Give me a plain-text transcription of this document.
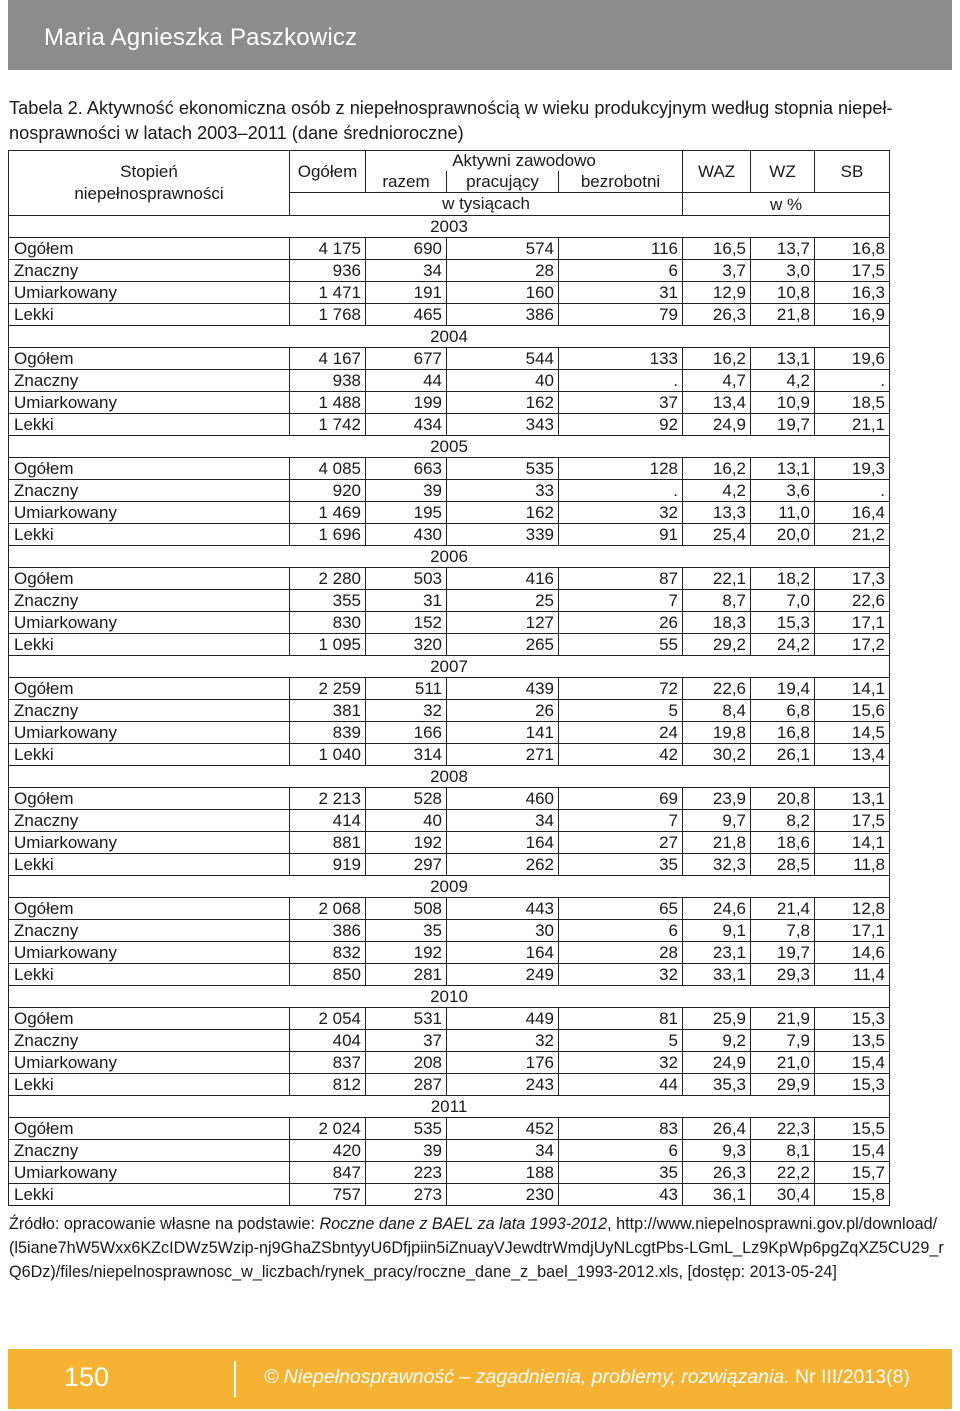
Maria Agnieszka Paszkowicz
Tabela 2. Aktywność ekonomiczna osób z niepełnosprawnością w wieku produkcyjnym według stopnia niepeł-
nosprawności w latach 2003–2011 (dane średnioroczne)
Stopień
niepełnosprawności	Ogółem	Aktywni zawodowo			WAZ	WZ	SB
		razem	pracujący	bezrobotni			
	w tysiącach				w %		
2003							
Ogółem	4 175	690	574	116	16,5	13,7	16,8
Znaczny	936	34	28	6	3,7	3,0	17,5
Umiarkowany	1 471	191	160	31	12,9	10,8	16,3
Lekki	1 768	465	386	79	26,3	21,8	16,9
2004							
Ogółem	4 167	677	544	133	16,2	13,1	19,6
Znaczny	938	44	40	.	4,7	4,2	.
Umiarkowany	1 488	199	162	37	13,4	10,9	18,5
Lekki	1 742	434	343	92	24,9	19,7	21,1
2005							
Ogółem	4 085	663	535	128	16,2	13,1	19,3
Znaczny	920	39	33	.	4,2	3,6	.
Umiarkowany	1 469	195	162	32	13,3	11,0	16,4
Lekki	1 696	430	339	91	25,4	20,0	21,2
2006							
Ogółem	2 280	503	416	87	22,1	18,2	17,3
Znaczny	355	31	25	7	8,7	7,0	22,6
Umiarkowany	830	152	127	26	18,3	15,3	17,1
Lekki	1 095	320	265	55	29,2	24,2	17,2
2007							
Ogółem	2 259	511	439	72	22,6	19,4	14,1
Znaczny	381	32	26	5	8,4	6,8	15,6
Umiarkowany	839	166	141	24	19,8	16,8	14,5
Lekki	1 040	314	271	42	30,2	26,1	13,4
2008							
Ogółem	2 213	528	460	69	23,9	20,8	13,1
Znaczny	414	40	34	7	9,7	8,2	17,5
Umiarkowany	881	192	164	27	21,8	18,6	14,1
Lekki	919	297	262	35	32,3	28,5	11,8
2009							
Ogółem	2 068	508	443	65	24,6	21,4	12,8
Znaczny	386	35	30	6	9,1	7,8	17,1
Umiarkowany	832	192	164	28	23,1	19,7	14,6
Lekki	850	281	249	32	33,1	29,3	11,4
2010							
Ogółem	2 054	531	449	81	25,9	21,9	15,3
Znaczny	404	37	32	5	9,2	7,9	13,5
Umiarkowany	837	208	176	32	24,9	21,0	15,4
Lekki	812	287	243	44	35,3	29,9	15,3
2011							
Ogółem	2 024	535	452	83	26,4	22,3	15,5
Znaczny	420	39	34	6	9,3	8,1	15,4
Umiarkowany	847	223	188	35	26,3	22,2	15,7
Lekki	757	273	230	43	36,1	30,4	15,8
Źródło: opracowanie własne na podstawie: Roczne dane z BAEL za lata 1993-2012, http://www.niepelnosprawni.gov.pl/download/(l5iane7hW5Wxx6KZcIDWz5Wzip-nj9GhaZSbntyyU6Dfjpiin5iZnuayVJewdtrWmdjUyNLcgtPbs-LGmL_Lz9KpWp6pgZqXZ5CU29_rQ6Dz)/files/niepelnosprawnosc_w_liczbach/rynek_pracy/roczne_dane_z_bael_1993-2012.xls, [dostęp: 2013-05-24]
150	© Niepełnosprawność – zagadnienia, problemy, rozwiązania. Nr III/2013(8)
